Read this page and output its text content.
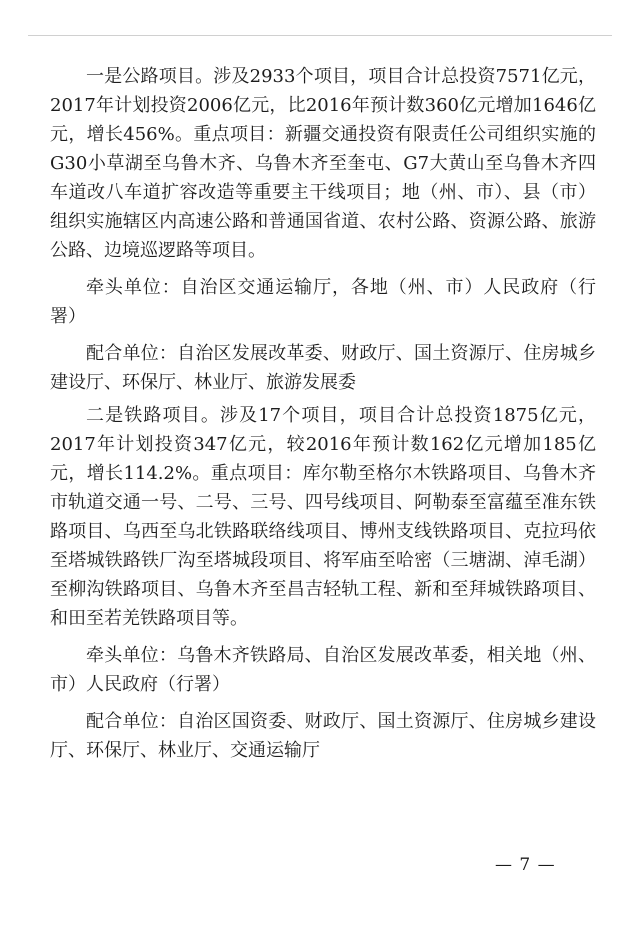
一是公路项目。涉及2933个项目，项目合计总投资7571亿元，2017年计划投资2006亿元，比2016年预计数360亿元增加1646亿元，增长456%。重点项目：新疆交通投资有限责任公司组织实施的G30小草湖至乌鲁木齐、乌鲁木齐至奎屯、G7大黄山至乌鲁木齐四车道改八车道扩容改造等重要主干线项目；地（州、市）、县（市）组织实施辖区内高速公路和普通国省道、农村公路、资源公路、旅游公路、边境巡逻路等项目。

牵头单位：自治区交通运输厅，各地（州、市）人民政府（行署）

配合单位：自治区发展改革委、财政厅、国土资源厅、住房城乡建设厅、环保厅、林业厅、旅游发展委

二是铁路项目。涉及17个项目，项目合计总投资1875亿元，2017年计划投资347亿元，较2016年预计数162亿元增加185亿元，增长114.2%。重点项目：库尔勒至格尔木铁路项目、乌鲁木齐市轨道交通一号、二号、三号、四号线项目、阿勒泰至富蕴至准东铁路项目、乌西至乌北铁路联络线项目、博州支线铁路项目、克拉玛依至塔城铁路铁厂沟至塔城段项目、将军庙至哈密（三塘湖、淖毛湖）至柳沟铁路项目、乌鲁木齐至昌吉轻轨工程、新和至拜城铁路项目、和田至若羌铁路项目等。

牵头单位：乌鲁木齐铁路局、自治区发展改革委，相关地（州、市）人民政府（行署）

配合单位：自治区国资委、财政厅、国土资源厅、住房城乡建设厅、环保厅、林业厅、交通运输厅

— 7 —
